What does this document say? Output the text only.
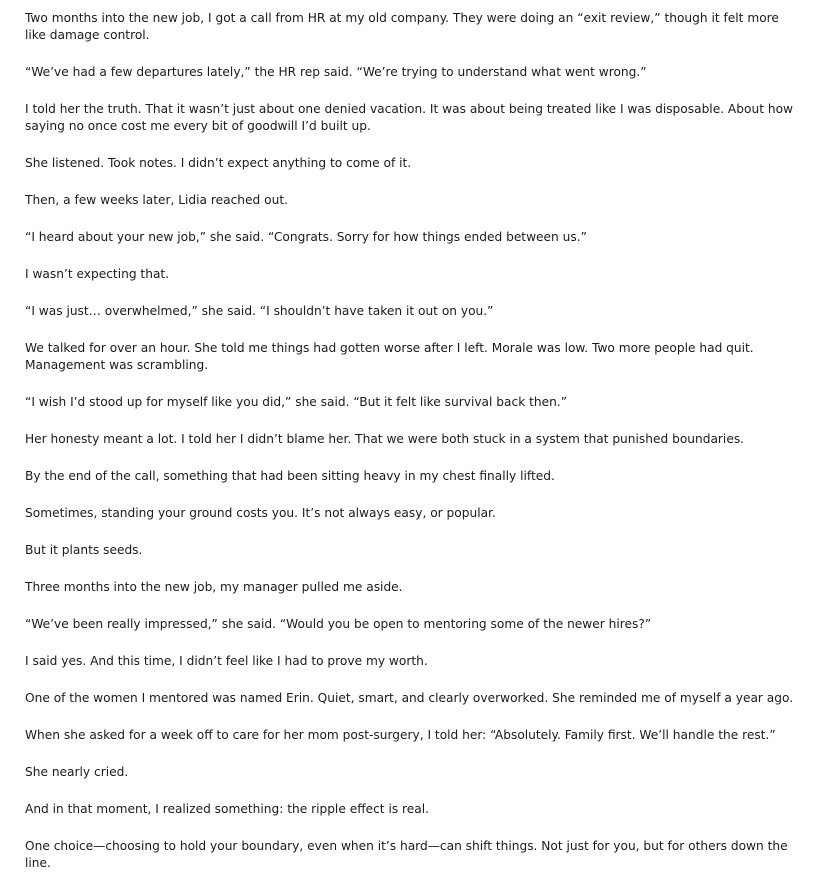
Two months into the new job, I got a call from HR at my old company. They were doing an “exit review,” though it felt more like damage control.

“We’ve had a few departures lately,” the HR rep said. “We’re trying to understand what went wrong.”

I told her the truth. That it wasn’t just about one denied vacation. It was about being treated like I was disposable. About how saying no once cost me every bit of goodwill I’d built up.

She listened. Took notes. I didn’t expect anything to come of it.

Then, a few weeks later, Lidia reached out.

“I heard about your new job,” she said. “Congrats. Sorry for how things ended between us.”

I wasn’t expecting that.

“I was just… overwhelmed,” she said. “I shouldn’t have taken it out on you.”

We talked for over an hour. She told me things had gotten worse after I left. Morale was low. Two more people had quit. Management was scrambling.

“I wish I’d stood up for myself like you did,” she said. “But it felt like survival back then.”

Her honesty meant a lot. I told her I didn’t blame her. That we were both stuck in a system that punished boundaries.

By the end of the call, something that had been sitting heavy in my chest finally lifted.

Sometimes, standing your ground costs you. It’s not always easy, or popular.

But it plants seeds.

Three months into the new job, my manager pulled me aside.

“We’ve been really impressed,” she said. “Would you be open to mentoring some of the newer hires?”

I said yes. And this time, I didn’t feel like I had to prove my worth.

One of the women I mentored was named Erin. Quiet, smart, and clearly overworked. She reminded me of myself a year ago.

When she asked for a week off to care for her mom post-surgery, I told her: “Absolutely. Family first. We’ll handle the rest.”

She nearly cried.

And in that moment, I realized something: the ripple effect is real.

One choice—choosing to hold your boundary, even when it’s hard—can shift things. Not just for you, but for others down the line.
